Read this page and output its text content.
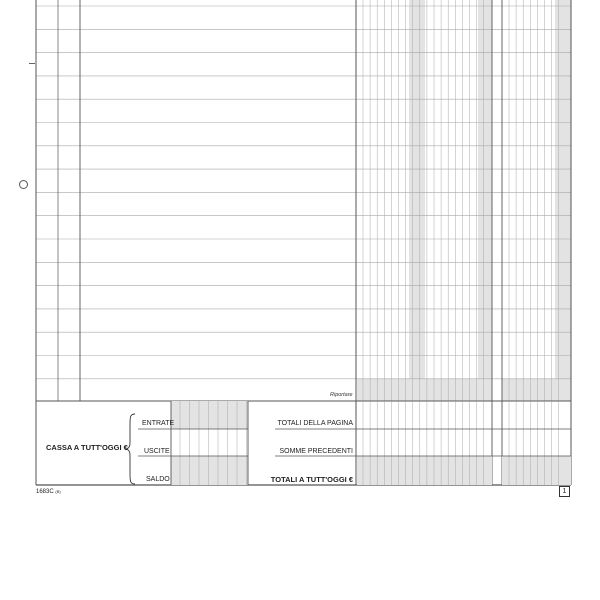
Riportare
CASSA A TUTT'OGGI €
ENTRATE
USCITE
SALDO
TOTALI DELLA PAGINA
SOMME PRECEDENTI
TOTALI A TUTT'OGGI €
1683C (B)	1
